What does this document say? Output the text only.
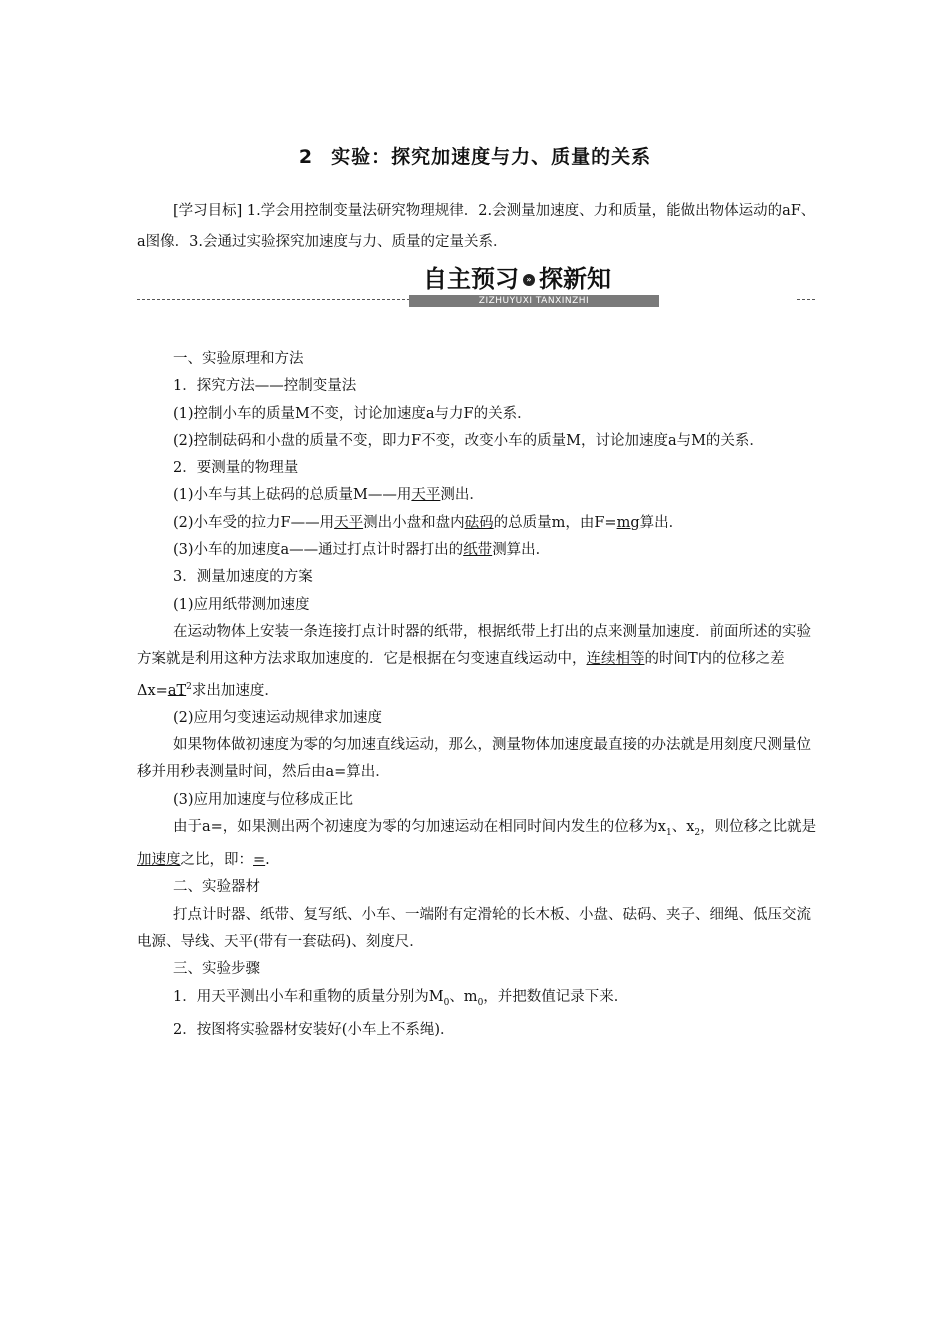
2 实验：探究加速度与力、质量的关系
[学习目标] 1.学会用控制变量法研究物理规律．2.会测量加速度、力和质量，能做出物体运动的aF、a图像．3.会通过实验探究加速度与力、质量的定量关系．
自主预习 » 探新知
ZIZHUYUXI TANXINZHI

一、实验原理和方法

1．探究方法——控制变量法

(1)控制小车的质量M不变，讨论加速度a与力F的关系．

(2)控制砝码和小盘的质量不变，即力F不变，改变小车的质量M，讨论加速度a与M的关系．

2．要测量的物理量

(1)小车与其上砝码的总质量M——用天平测出．

(2)小车受的拉力F——用天平测出小盘和盘内砝码的总质量m，由F=mg算出．

(3)小车的加速度a——通过打点计时器打出的纸带测算出．

3．测量加速度的方案

(1)应用纸带测加速度

在运动物体上安装一条连接打点计时器的纸带，根据纸带上打出的点来测量加速度．前面所述的实验方案就是利用这种方法求取加速度的．它是根据在匀变速直线运动中，连续相等的时间T内的位移之差$\Delta x=aT^2$求出加速度．

(2)应用匀变速运动规律求加速度

如果物体做初速度为零的匀加速直线运动，那么，测量物体加速度最直接的办法就是用刻度尺测量位移并用秒表测量时间，然后由a=算出．

(3)应用加速度与位移成正比

由于a=，如果测出两个初速度为零的匀加速运动在相同时间内发生的位移为$x_1$、$x_2$，则位移之比就是加速度之比，即：=.

二、实验器材

打点计时器、纸带、复写纸、小车、一端附有定滑轮的长木板、小盘、砝码、夹子、细绳、低压交流电源、导线、天平(带有一套砝码)、刻度尺．

三、实验步骤

1．用天平测出小车和重物的质量分别为$M_0$、$m_0$，并把数值记录下来．

2．按图将实验器材安装好(小车上不系绳)．
